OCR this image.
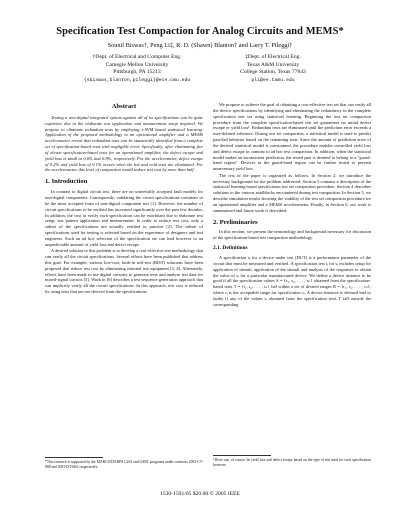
Specification Test Compaction for Analog Circuits and MEMS*
Sounil Biswas†, Peng Li‡, R. D. (Shawn) Blanton† and Larry T. Pileggi†
†Dept. of Electrical and Computer Eng.
Carnegie Mellon University
Pittsburgh, PA 15213
{sbiswas,blanton,pileggi}@ece.cmu.edu
‡Dept. of Electrical Eng.
Texas A&M University
College Station, Texas 77843
pli@ee.tamu.edu
Abstract

Testing a non-digital integrated system against all of its specifications can be quite expensive due to the elaborate test application and measurement setup required. We propose to eliminate redundant tests by employing ε-SVM based statistical learning. Application of the proposed methodology to an operational amplifier and a MEMS accelerometer reveal that redundant tests can be statistically identified from a complete set of specification-based tests with negligible error. Specifically, after eliminating five of eleven specification-based tests for an operational amplifier, the defect escape and yield loss is small at 0.6% and 0.9%, respectively. For the accelerometer, defect escape of 0.2% and yield loss of 0.1% occurs when the hot and cold tests are eliminated. For the accelerometer, this level of compaction would reduce test cost by more than half.

1. Introduction

In contrast to digital circuit test, there are no universally accepted fault models for non-digital components. Consequently, validating the circuit specifications continues to be the most accepted form of non-digital component test [1]. However, the number of circuit specifications to be verified has increased significantly over the past few decades. In addition, the cost to verify each specification can be exorbitant due to elaborate test setup, test pattern application and measurement. In order to reduce test cost, only a subset of the specifications are actually verified in practice [2]. The subset of specifications used for testing is selected based on the experience of designers and test engineers. Such an ad hoc selection of the specification set can lead however to an unpredictable amount of yield loss and defect escape.

A desired solution to this problem is to develop a cost-effective test methodology that can verify all the circuit specifications. Several efforts have been published that address this goal. For example, various low-cost, built-in self-test (BIST) solutions have been proposed that reduce test cost by eliminating external test equipment [3, 4]. Alternately, efforts have been made to use digital circuitry to generate tests and analyze test data for mixed-signal circuits [5]. Work in [6] describes a test sequence generation approach that can implicitly verify all the circuit specifications. In this approach, test cost is reduced by using tests that are not derived from the specifications.

*This research is supported by the MARCO/DARPA C2S2 and GSRC programs under contracts 2003-CT-888 and 2003-DT-660, respectively.

We propose to achieve the goal of obtaining a cost-effective test set that can verify all the device specifications by identifying and eliminating the redundancy in the complete specification test set using statistical learning. Beginning the test set compaction procedure from the complete specification-based test set guarantees no initial defect escape or yield loss¹. Redundant tests are eliminated until the prediction error exceeds a user-defined tolerance. During test set compaction, a statistical model is used to predict pass/fail behavior based on the remaining tests. Since the amount of prediction error of the derived statistical model is constrained, the procedure enables controlled yield loss and defect escape in contrast to ad hoc test compaction. In addition, when the statistical model makes an inconsistent prediction, the tested part is deemed to belong to a "guard-band region". Devices in the guard-band region can be further tested to prevent unnecessary yield loss.

The rest of the paper is organized as follows: In Section 2, we introduce the necessary background for the problem addressed. Section 3 contains a description of the statistical learning based specification test set compaction procedure. Section 4 describes solutions to the various roadblocks encountered during test compaction. In Section 5, we describe simulation results showing the viability of the test set compaction procedure for an operational amplifier and a MEMS accelerometer. Finally, in Section 6, our work is summarized and future work is described.

2. Preliminaries

In this section, we present the terminology and background necessary for discussion of the specification-based test compaction methodology.

2.1. Definitions

A specification sᵢ for a device under test (DUT) is a performance parameter of the circuit that must be measured and verified. A specification test tᵢ for sᵢ includes setup for application of stimuli, application of the stimuli and analysis of the responses to obtain the value of sᵢ for a particular manufactured device. We define a device instance to be good if all the specification values S = {s₁, s₂, . . . , sₙ} obtained from the specification-based tests T = {t₁, t₂, . . . , tₙ} fall within a set of desired ranges R = {r₁, r₂, . . . , rₙ}, where rᵢ is the acceptable range for specification sᵢ. A device instance is deemed bad or faulty if any of the values sᵢ obtained from the specification tests T fall outside the corresponding

¹There can, of course, be yield loss and defect escape based on the type of test used for each specification however.
1530-1591/05 $20.00 © 2005 IEEE
